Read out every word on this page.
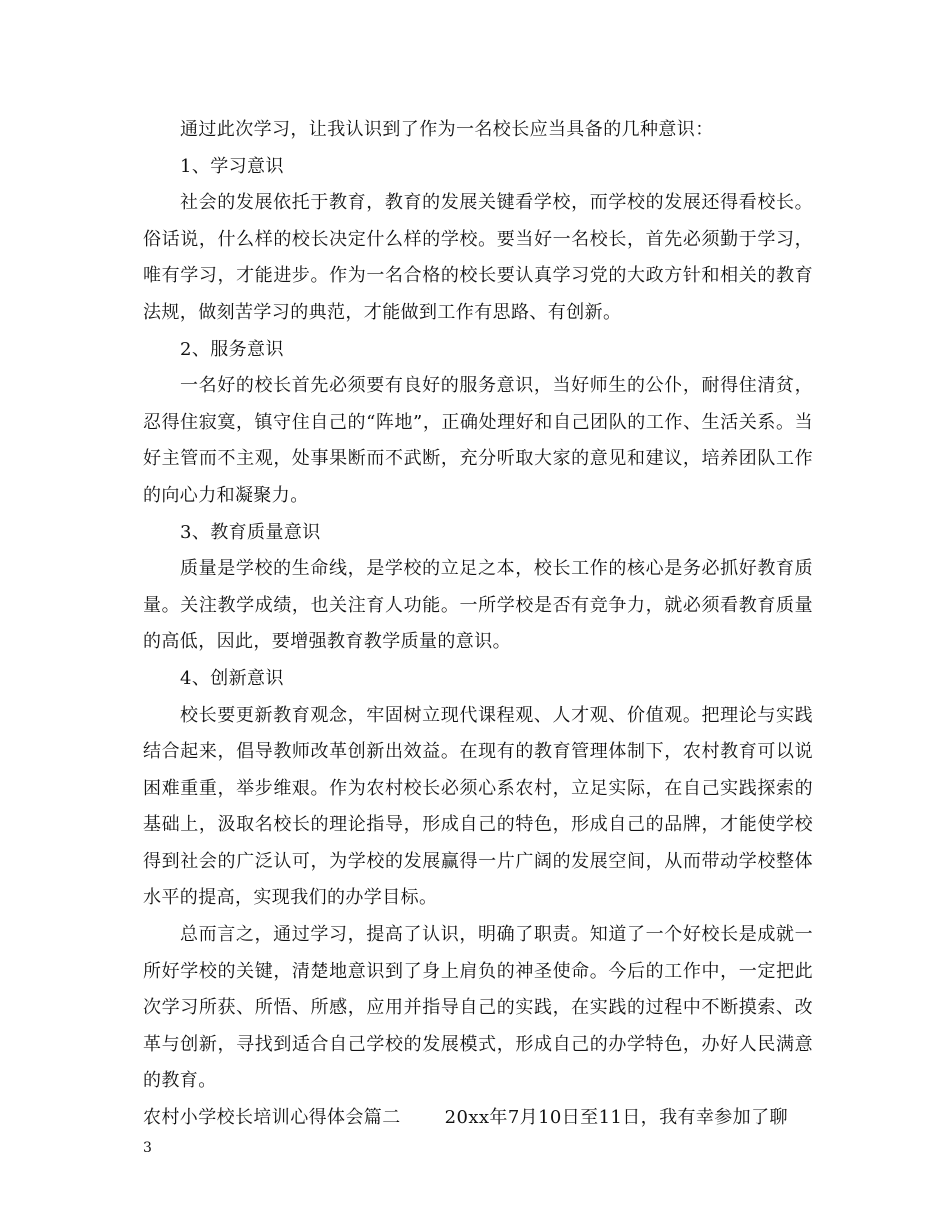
通过此次学习，让我认识到了作为一名校长应当具备的几种意识：

1、学习意识

社会的发展依托于教育，教育的发展关键看学校，而学校的发展还得看校长。俗话说，什么样的校长决定什么样的学校。要当好一名校长，首先必须勤于学习，唯有学习，才能进步。作为一名合格的校长要认真学习党的大政方针和相关的教育法规，做刻苦学习的典范，才能做到工作有思路、有创新。

2、服务意识

一名好的校长首先必须要有良好的服务意识，当好师生的公仆，耐得住清贫，忍得住寂寞，镇守住自己的“阵地”，正确处理好和自己团队的工作、生活关系。当好主管而不主观，处事果断而不武断，充分听取大家的意见和建议，培养团队工作的向心力和凝聚力。

3、教育质量意识

质量是学校的生命线，是学校的立足之本，校长工作的核心是务必抓好教育质量。关注教学成绩，也关注育人功能。一所学校是否有竞争力，就必须看教育质量的高低，因此，要增强教育教学质量的意识。

4、创新意识

校长要更新教育观念，牢固树立现代课程观、人才观、价值观。把理论与实践结合起来，倡导教师改革创新出效益。在现有的教育管理体制下，农村教育可以说困难重重，举步维艰。作为农村校长必须心系农村，立足实际，在自己实践探索的基础上，汲取名校长的理论指导，形成自己的特色，形成自己的品牌，才能使学校得到社会的广泛认可，为学校的发展赢得一片广阔的发展空间，从而带动学校整体水平的提高，实现我们的办学目标。

总而言之，通过学习，提高了认识，明确了职责。知道了一个好校长是成就一所好学校的关键，清楚地意识到了身上肩负的神圣使命。今后的工作中，一定把此次学习所获、所悟、所感，应用并指导自己的实践，在实践的过程中不断摸索、改革与创新，寻找到适合自己学校的发展模式，形成自己的办学特色，办好人民满意的教育。

农村小学校长培训心得体会篇二 20xx年7月10日至11日，我有幸参加了聊

3
